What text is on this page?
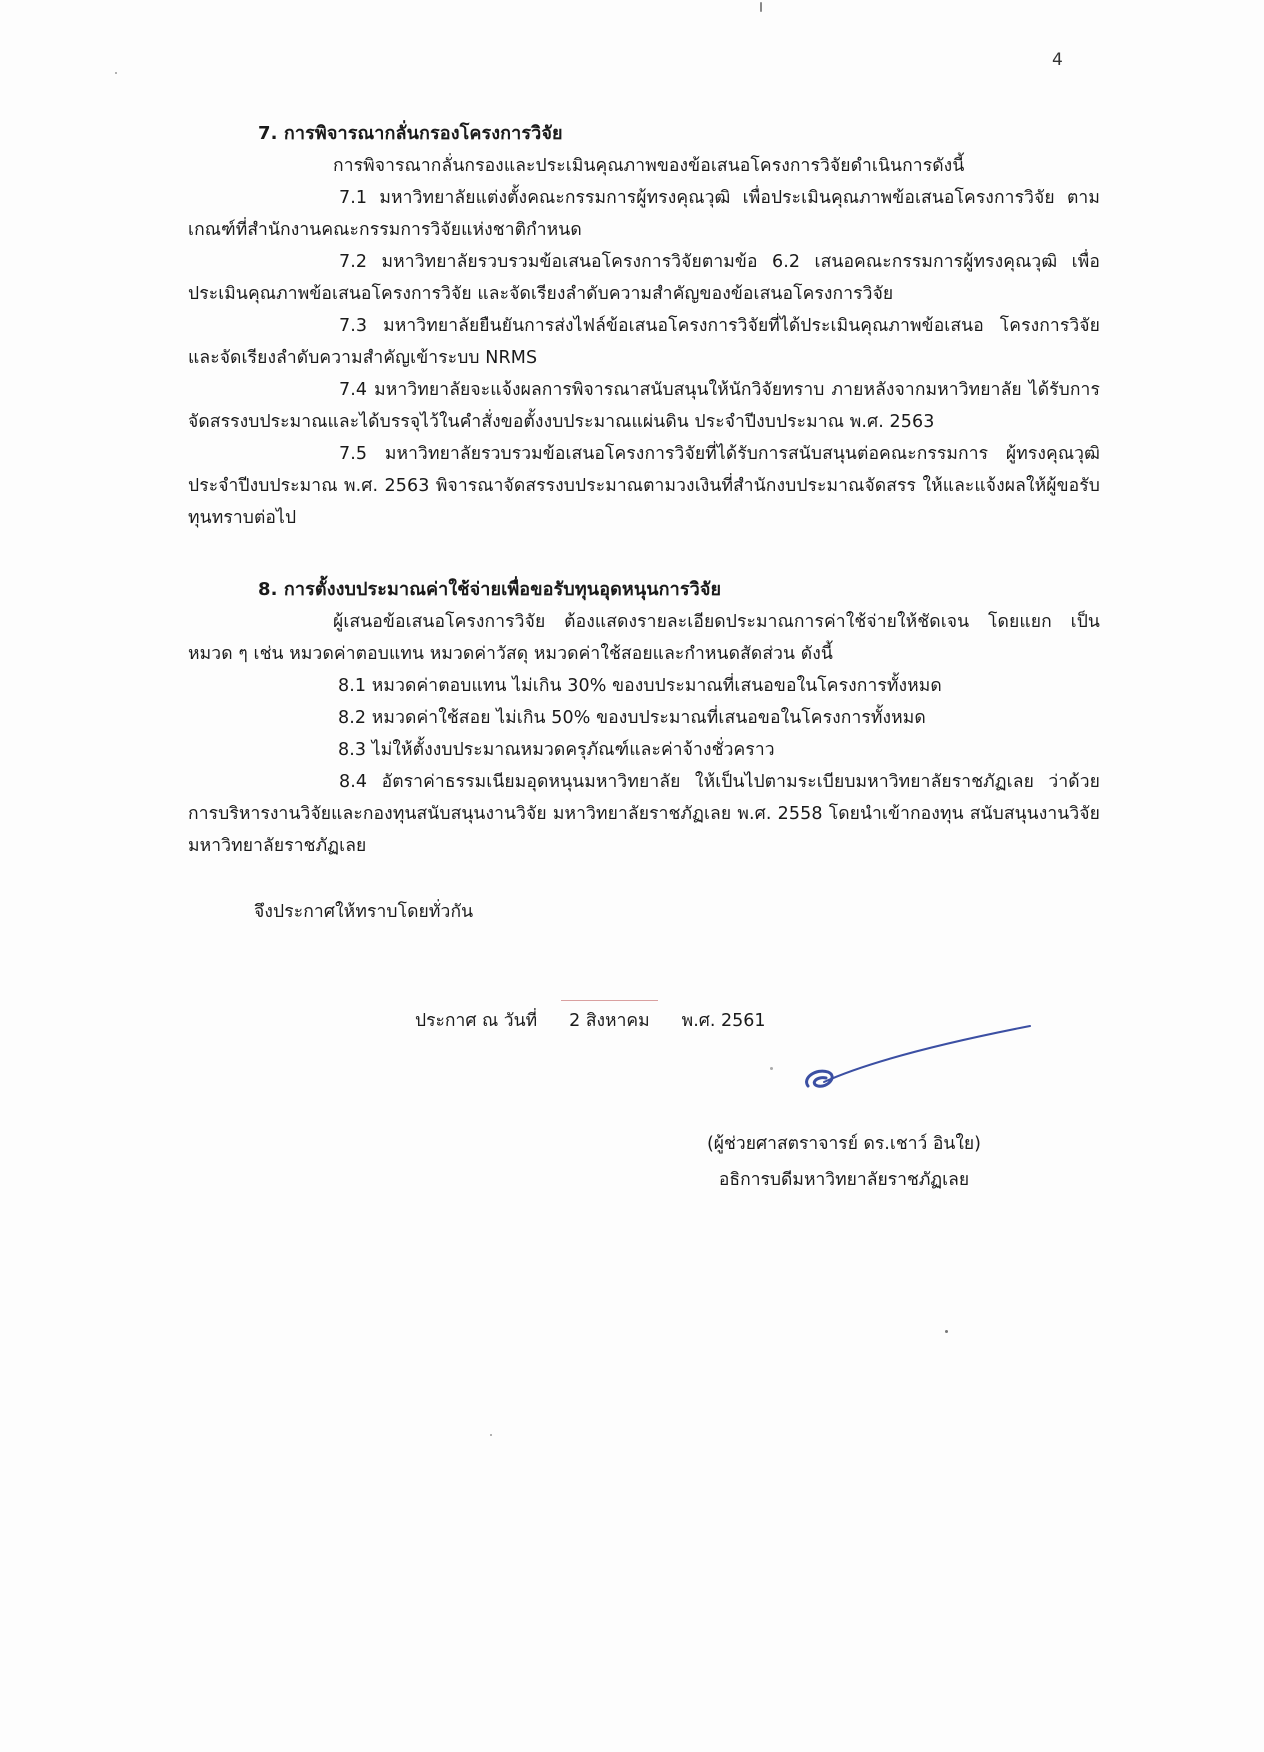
4

7. การพิจารณากลั่นกรองโครงการวิจัย

การพิจารณากลั่นกรองและประเมินคุณภาพของข้อเสนอโครงการวิจัยดำเนินการดังนี้

7.1 มหาวิทยาลัยแต่งตั้งคณะกรรมการผู้ทรงคุณวุฒิ เพื่อประเมินคุณภาพข้อเสนอโครงการวิจัย ตามเกณฑ์ที่สำนักงานคณะกรรมการวิจัยแห่งชาติกำหนด

7.2 มหาวิทยาลัยรวบรวมข้อเสนอโครงการวิจัยตามข้อ 6.2 เสนอคณะกรรมการผู้ทรงคุณวุฒิ เพื่อประเมินคุณภาพข้อเสนอโครงการวิจัย และจัดเรียงลำดับความสำคัญของข้อเสนอโครงการวิจัย

7.3 มหาวิทยาลัยยืนยันการส่งไฟล์ข้อเสนอโครงการวิจัยที่ได้ประเมินคุณภาพข้อเสนอ โครงการวิจัยและจัดเรียงลำดับความสำคัญเข้าระบบ NRMS

7.4 มหาวิทยาลัยจะแจ้งผลการพิจารณาสนับสนุนให้นักวิจัยทราบ ภายหลังจากมหาวิทยาลัย ได้รับการจัดสรรงบประมาณและได้บรรจุไว้ในคำสั่งขอตั้งงบประมาณแผ่นดิน ประจำปีงบประมาณ พ.ศ. 2563

7.5 มหาวิทยาลัยรวบรวมข้อเสนอโครงการวิจัยที่ได้รับการสนับสนุนต่อคณะกรรมการ ผู้ทรงคุณวุฒิ ประจำปีงบประมาณ พ.ศ. 2563 พิจารณาจัดสรรงบประมาณตามวงเงินที่สำนักงบประมาณจัดสรร ให้และแจ้งผลให้ผู้ขอรับทุนทราบต่อไป

8. การตั้งงบประมาณค่าใช้จ่ายเพื่อขอรับทุนอุดหนุนการวิจัย

ผู้เสนอข้อเสนอโครงการวิจัย ต้องแสดงรายละเอียดประมาณการค่าใช้จ่ายให้ชัดเจน โดยแยก เป็นหมวด ๆ เช่น หมวดค่าตอบแทน หมวดค่าวัสดุ หมวดค่าใช้สอยและกำหนดสัดส่วน ดังนี้

8.1 หมวดค่าตอบแทน ไม่เกิน 30% ของบประมาณที่เสนอขอในโครงการทั้งหมด

8.2 หมวดค่าใช้สอย ไม่เกิน 50% ของบประมาณที่เสนอขอในโครงการทั้งหมด

8.3 ไม่ให้ตั้งงบประมาณหมวดครุภัณฑ์และค่าจ้างชั่วคราว

8.4 อัตราค่าธรรมเนียมอุดหนุนมหาวิทยาลัย ให้เป็นไปตามระเบียบมหาวิทยาลัยราชภัฏเลย ว่าด้วยการบริหารงานวิจัยและกองทุนสนับสนุนงานวิจัย มหาวิทยาลัยราชภัฏเลย พ.ศ. 2558 โดยนำเข้ากองทุน สนับสนุนงานวิจัย มหาวิทยาลัยราชภัฏเลย

จึงประกาศให้ทราบโดยทั่วกัน

ประกาศ ณ วันที่	2 สิงหาคม	พ.ศ. 2561
(ผู้ช่วยศาสตราจารย์ ดร.เชาว์ อินใย)
อธิการบดีมหาวิทยาลัยราชภัฏเลย
